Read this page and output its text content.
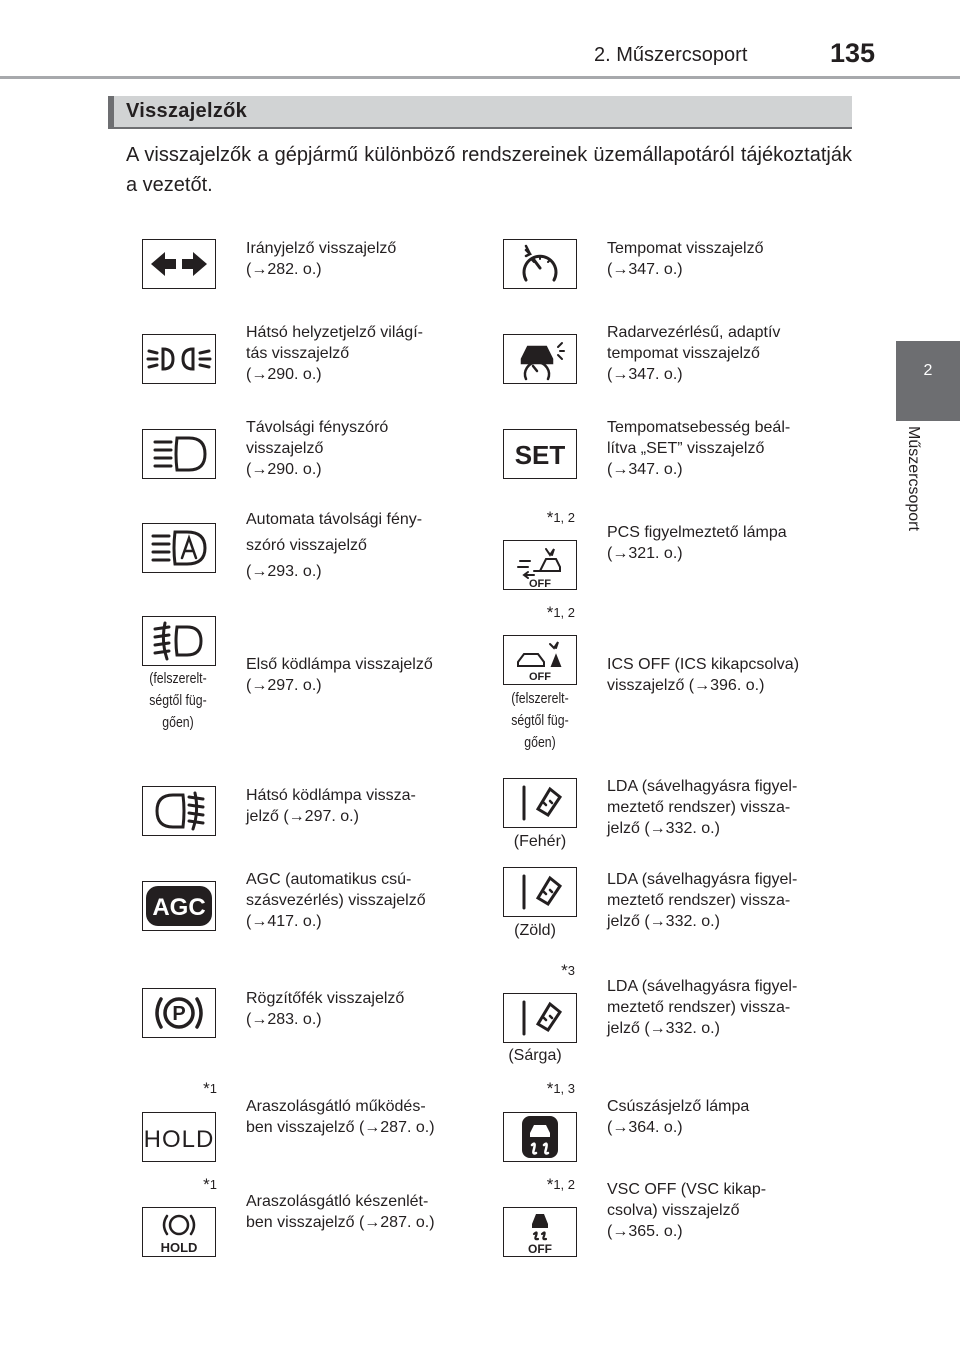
2. Műszercsoport	135
2
Műszercsoport
Visszajelzők
A visszajelzők a gépjármű különböző rendszereinek üzemállapotáról tájékoztatják a vezetőt.
Irányjelző visszajelző
(→282. o.)
Hátsó helyzetjelző világí-
tás visszajelző
(→290. o.)
Távolsági fényszóró
visszajelző
(→290. o.)
Automata távolsági fény-
szóró visszajelző
(→293. o.)
(felszerelt-
ségtől füg-
gően)
Első ködlámpa visszajelző
(→297. o.)
Hátsó ködlámpa vissza-
jelző (→297. o.)
AGC
AGC (automatikus csú-
szásvezérlés) visszajelző
(→417. o.)
P
Rögzítőfék visszajelző
(→283. o.)
*$^1$
HOLD
Araszolásgátló működés-
ben visszajelző (→287. o.)
*$^1$
HOLD
Araszolásgátló készenlét-
ben visszajelző (→287. o.)
Tempomat visszajelző
(→347. o.)
Radarvezérlésű, adaptív
tempomat visszajelző
(→347. o.)
SET
Tempomatsebesség beál-
lítva „SET” visszajelző
(→347. o.)
*$^{1, 2}$
OFF
PCS figyelmeztető lámpa
(→321. o.)
*$^{1, 2}$
OFF
(felszerelt-
ségtől füg-
gően)
ICS OFF (ICS kikapcsolva)
visszajelző (→396. o.)
(Fehér)
LDA (sávelhagyásra figyel-
meztető rendszer) vissza-
jelző (→332. o.)
(Zöld)
LDA (sávelhagyásra figyel-
meztető rendszer) vissza-
jelző (→332. o.)
*$^3$
(Sárga)
LDA (sávelhagyásra figyel-
meztető rendszer) vissza-
jelző (→332. o.)
*$^{1, 3}$
Csúszásjelző lámpa
(→364. o.)
*$^{1, 2}$
OFF
VSC OFF (VSC kikap-
csolva) visszajelző
(→365. o.)
